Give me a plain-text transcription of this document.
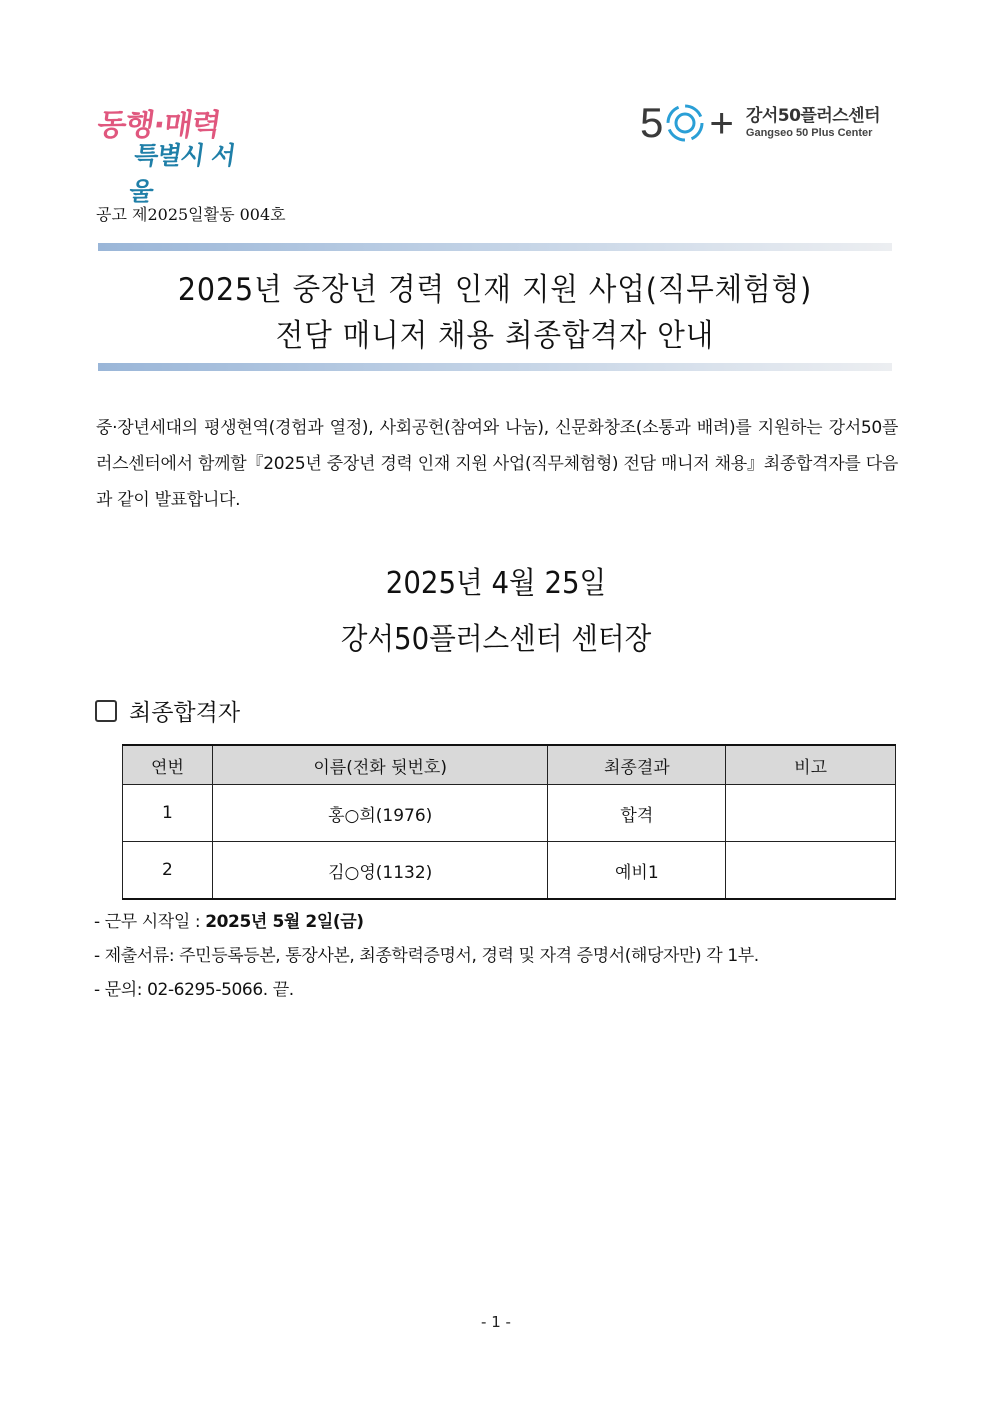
동행·매력
특별시 서울
5 + 강서50플러스센터
Gangseo 50 Plus Center
공고 제2025일활동 004호
2025년 중장년 경력 인재 지원 사업(직무체험형)
전담 매니저 채용 최종합격자 안내
중·장년세대의 평생현역(경험과 열정), 사회공헌(참여와 나눔), 신문화창조(소통과 배려)를 지원하는 강서50플러스센터에서 함께할『2025년 중장년 경력 인재 지원 사업(직무체험형) 전담 매니저 채용』최종합격자를 다음과 같이 발표합니다.
2025년 4월 25일
강서50플러스센터 센터장
최종합격자
연번	이름(전화 뒷번호)	최종결과	비고
1	홍○희(1976)	합격	
2	김○영(1132)	예비1	
- 근무 시작일 : 2025년 5월 2일(금)
- 제출서류: 주민등록등본, 통장사본, 최종학력증명서, 경력 및 자격 증명서(해당자만) 각 1부.
- 문의: 02-6295-5066. 끝.
- 1 -
